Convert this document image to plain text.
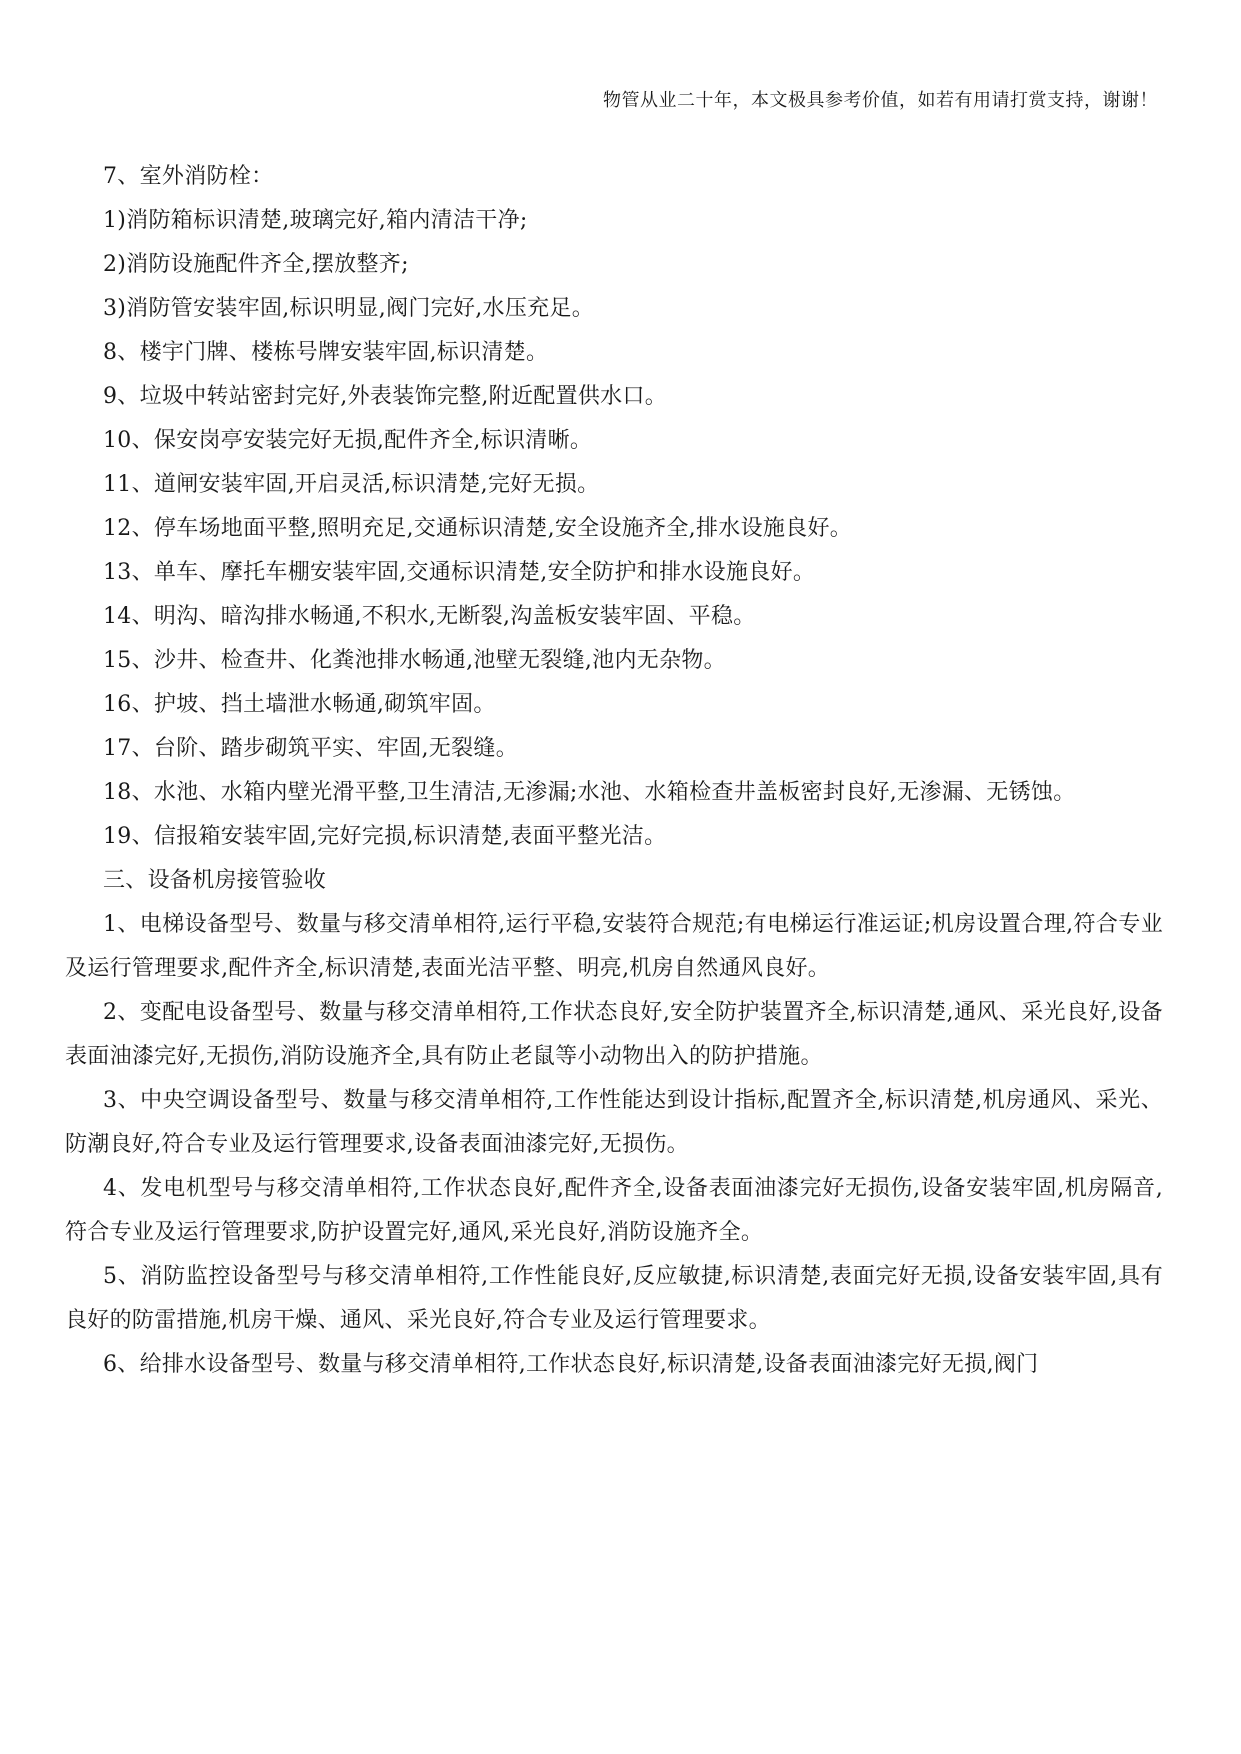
物管从业二十年，本文极具参考价值，如若有用请打赏支持，谢谢！

7、室外消防栓：

1)消防箱标识清楚,玻璃完好,箱内清洁干净;

2)消防设施配件齐全,摆放整齐;

3)消防管安装牢固,标识明显,阀门完好,水压充足。

8、楼宇门牌、楼栋号牌安装牢固,标识清楚。

9、垃圾中转站密封完好,外表装饰完整,附近配置供水口。

10、保安岗亭安装完好无损,配件齐全,标识清晰。

11、道闸安装牢固,开启灵活,标识清楚,完好无损。

12、停车场地面平整,照明充足,交通标识清楚,安全设施齐全,排水设施良好。

13、单车、摩托车棚安装牢固,交通标识清楚,安全防护和排水设施良好。

14、明沟、暗沟排水畅通,不积水,无断裂,沟盖板安装牢固、平稳。

15、沙井、检查井、化粪池排水畅通,池壁无裂缝,池内无杂物。

16、护坡、挡土墙泄水畅通,砌筑牢固。

17、台阶、踏步砌筑平实、牢固,无裂缝。

18、水池、水箱内壁光滑平整,卫生清洁,无渗漏;水池、水箱检查井盖板密封良好,无渗漏、无锈蚀。

19、信报箱安装牢固,完好完损,标识清楚,表面平整光洁。

三、设备机房接管验收

1、电梯设备型号、数量与移交清单相符,运行平稳,安装符合规范;有电梯运行准运证;机房设置合理,符合专业及运行管理要求,配件齐全,标识清楚,表面光洁平整、明亮,机房自然通风良好。

2、变配电设备型号、数量与移交清单相符,工作状态良好,安全防护装置齐全,标识清楚,通风、采光良好,设备表面油漆完好,无损伤,消防设施齐全,具有防止老鼠等小动物出入的防护措施。

3、中央空调设备型号、数量与移交清单相符,工作性能达到设计指标,配置齐全,标识清楚,机房通风、采光、防潮良好,符合专业及运行管理要求,设备表面油漆完好,无损伤。

4、发电机型号与移交清单相符,工作状态良好,配件齐全,设备表面油漆完好无损伤,设备安装牢固,机房隔音,符合专业及运行管理要求,防护设置完好,通风,采光良好,消防设施齐全。

5、消防监控设备型号与移交清单相符,工作性能良好,反应敏捷,标识清楚,表面完好无损,设备安装牢固,具有良好的防雷措施,机房干燥、通风、采光良好,符合专业及运行管理要求。

6、给排水设备型号、数量与移交清单相符,工作状态良好,标识清楚,设备表面油漆完好无损,阀门
